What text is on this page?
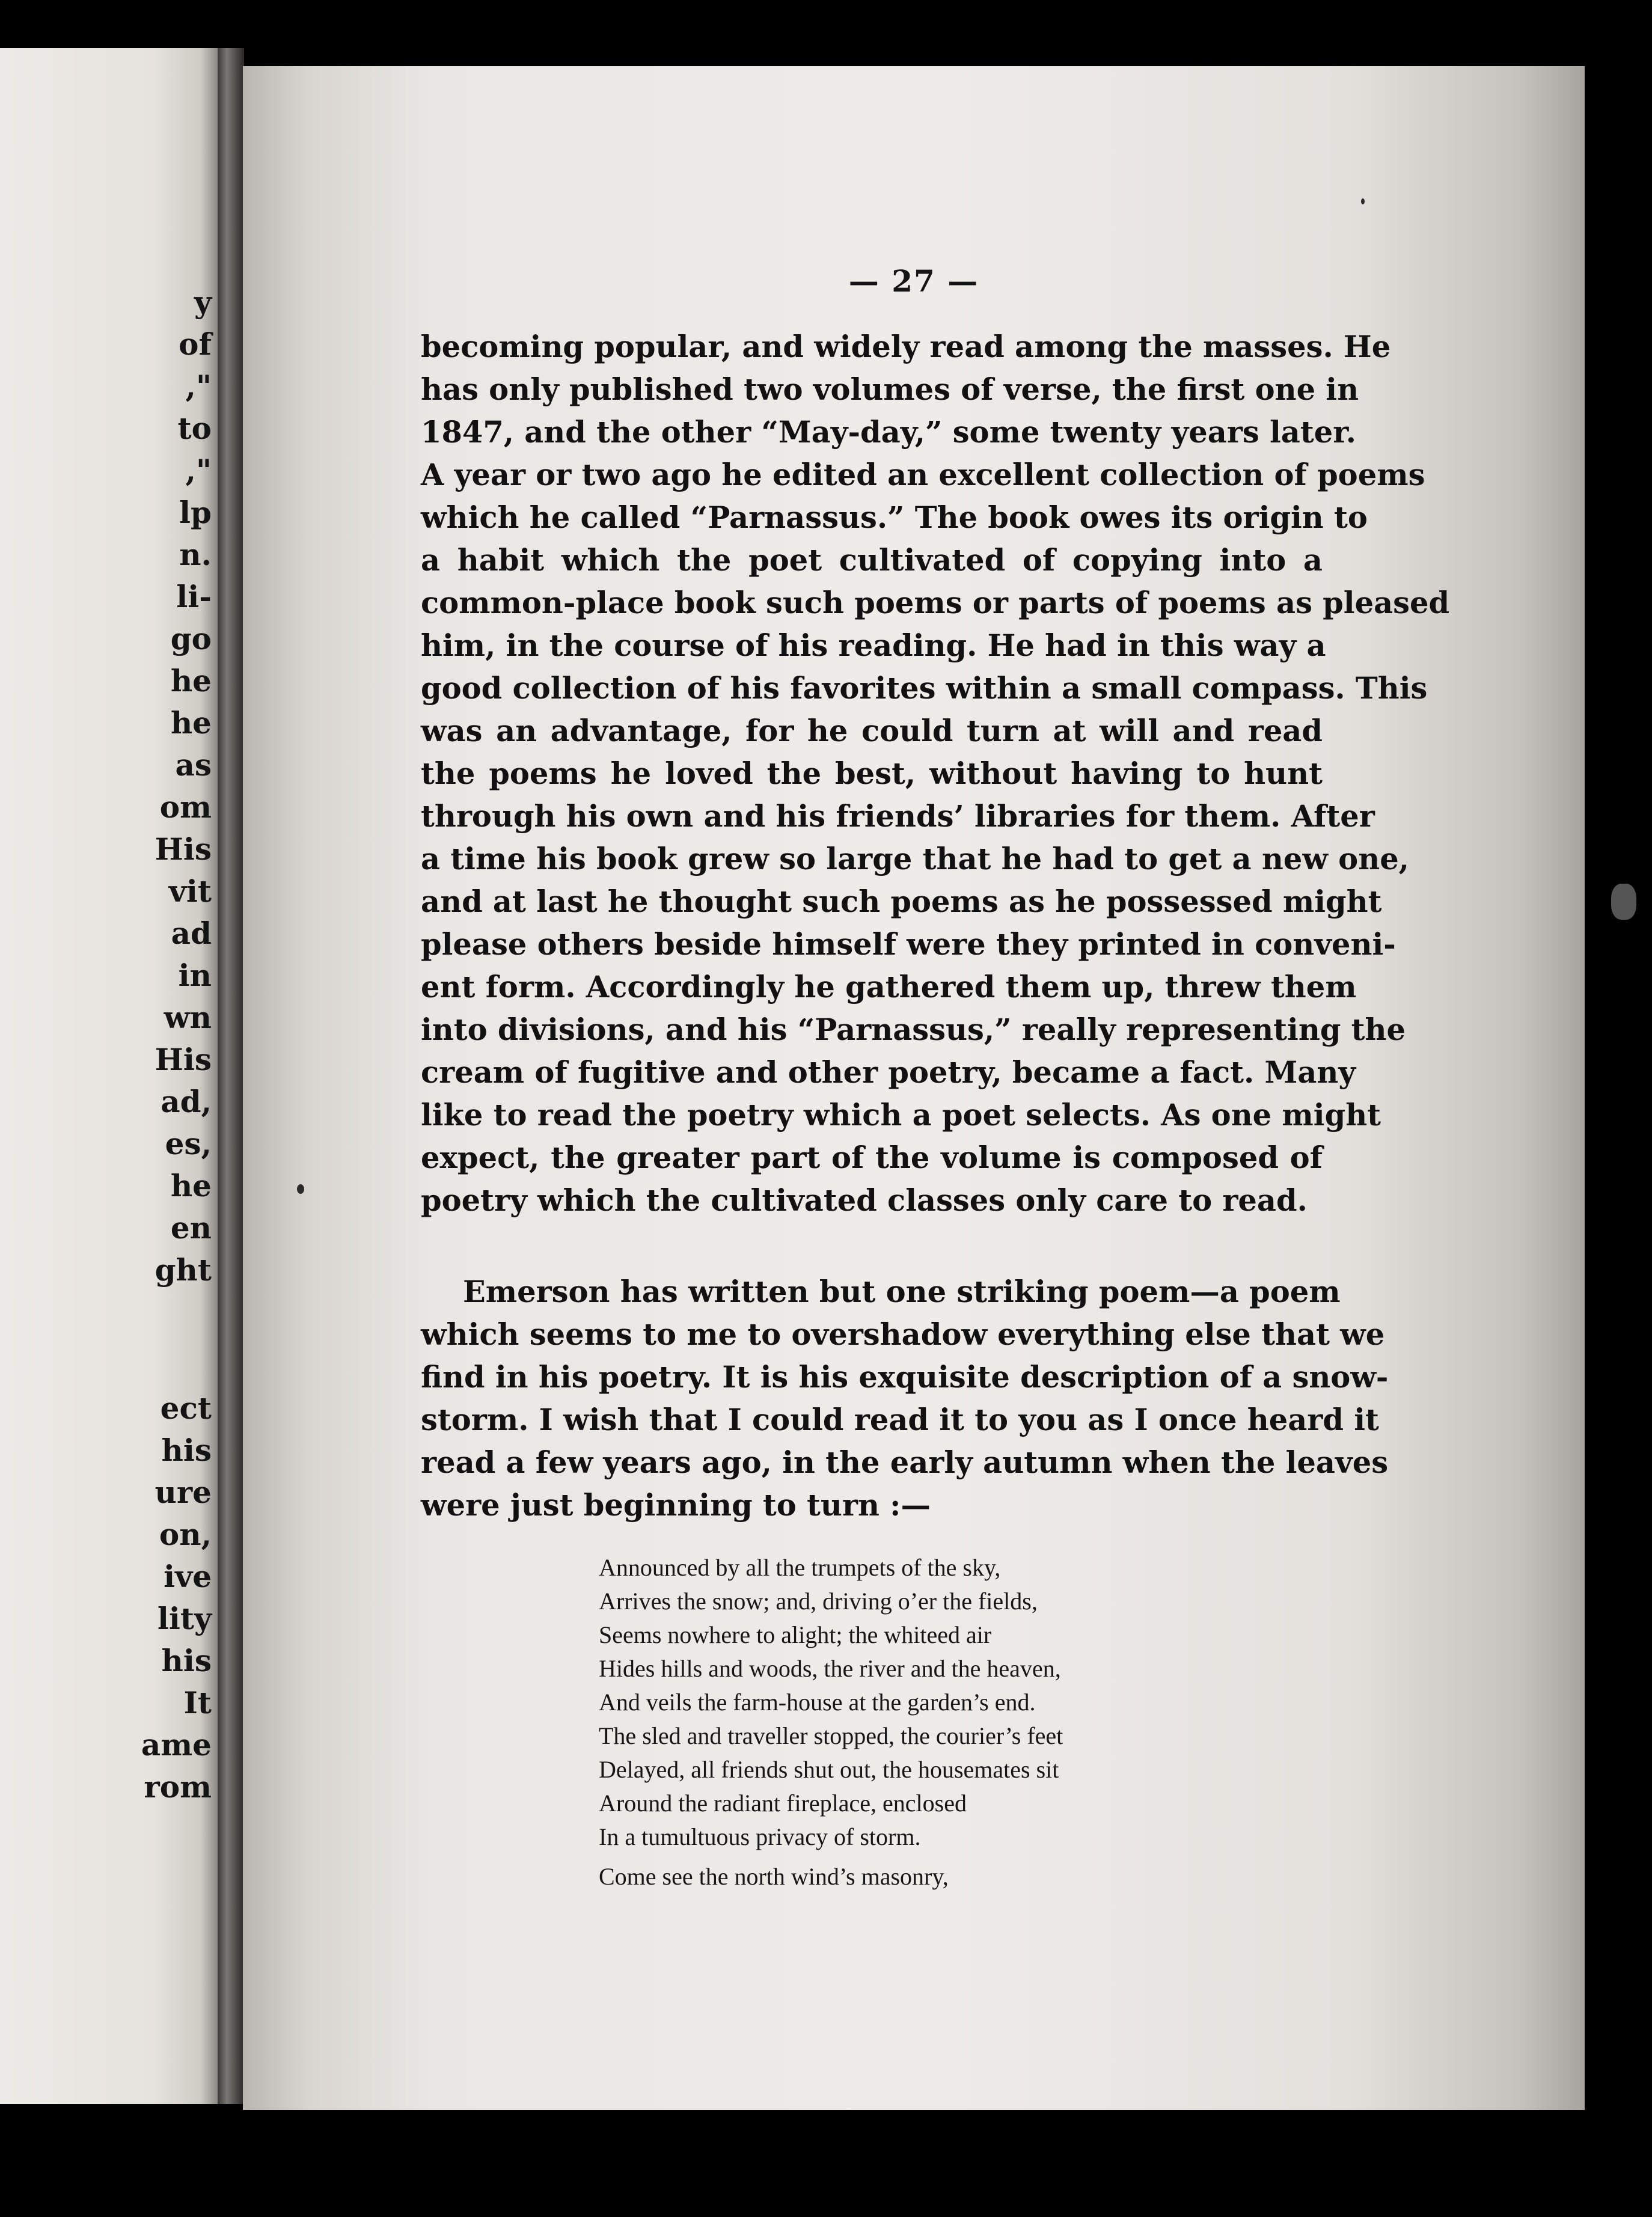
y
of
,"
to
,"
lp
n.
li-
go
he
he
as
om
His
vit
ad
in
wn
His
ad,
es,
he
en
ght
ect
his
ure
on,
ive
lity
his
It
ame
rom
— 27 —
becoming popular, and widely read among the masses. He
has only published two volumes of verse, the first one in
1847, and the other “May-day,” some twenty years later.
A year or two ago he edited an excellent collection of poems
which he called “Parnassus.” The book owes its origin to
a habit which the poet cultivated of copying into a
common-place book such poems or parts of poems as pleased
him, in the course of his reading. He had in this way a
good collection of his favorites within a small compass. This
was an advantage, for he could turn at will and read
the poems he loved the best, without having to hunt
through his own and his friends’ libraries for them. After
a time his book grew so large that he had to get a new one,
and at last he thought such poems as he possessed might
please others beside himself were they printed in conveni-
ent form. Accordingly he gathered them up, threw them
into divisions, and his “Parnassus,” really representing the
cream of fugitive and other poetry, became a fact. Many
like to read the poetry which a poet selects. As one might
expect, the greater part of the volume is composed of
poetry which the cultivated classes only care to read.
Emerson has written but one striking poem—a poem
which seems to me to overshadow everything else that we
find in his poetry. It is his exquisite description of a snow-
storm. I wish that I could read it to you as I once heard it
read a few years ago, in the early autumn when the leaves
were just beginning to turn :—
Announced by all the trumpets of the sky,
Arrives the snow; and, driving o’er the fields,
Seems nowhere to alight; the whiteed air
Hides hills and woods, the river and the heaven,
And veils the farm-house at the garden’s end.
The sled and traveller stopped, the courier’s feet
Delayed, all friends shut out, the housemates sit
Around the radiant fireplace, enclosed
In a tumultuous privacy of storm.
Come see the north wind’s masonry,
